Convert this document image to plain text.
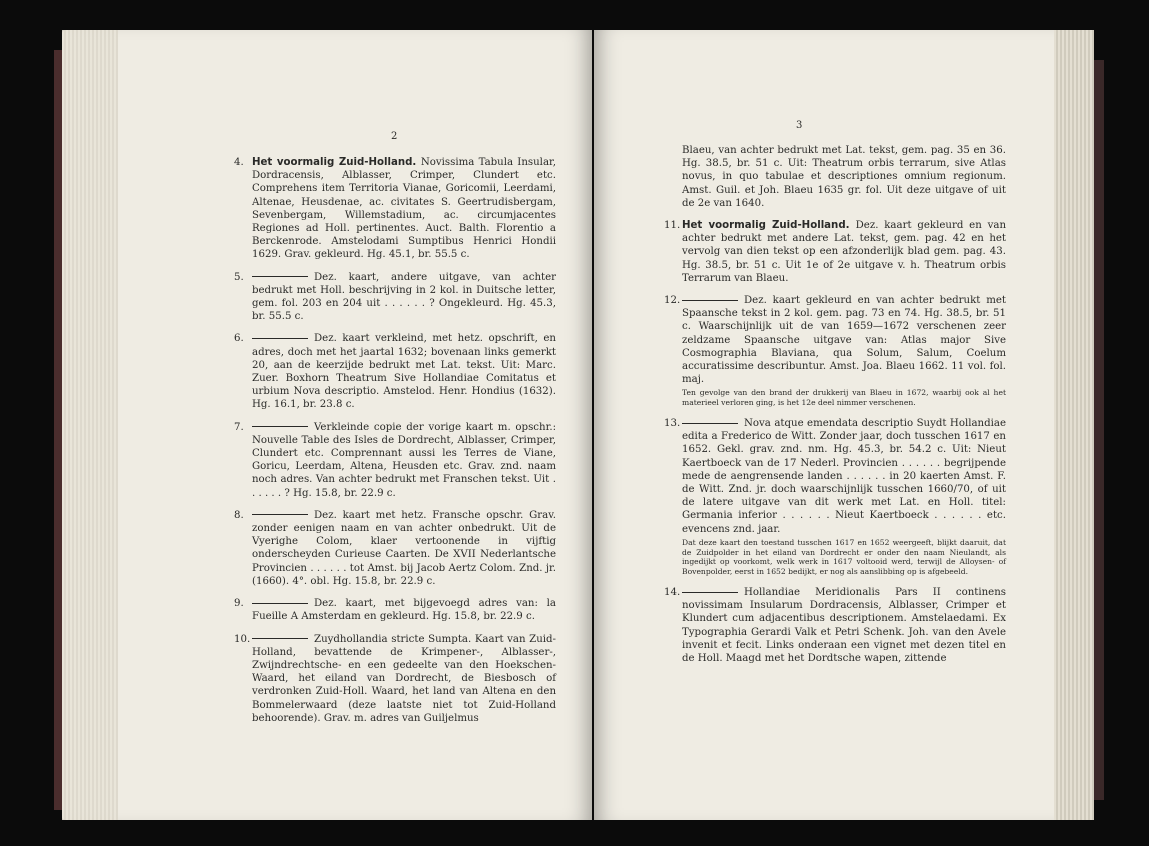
2
4. Het voormalig Zuid-Holland. Novissima Tabula Insular, Dordracensis, Alblasser, Crimper, Clundert etc. Comprehens item Territoria Vianae, Goricomii, Leerdami, Altenae, Heusdenae, ac. civitates S. Geertrudisbergam, Sevenbergam, Willemstadium, ac. circumjacentes Regiones ad Holl. pertinentes. Auct. Balth. Florentio a Berckenrode. Amstelodami Sumptibus Henrici Hondii 1629. Grav. gekleurd. Hg. 45.1, br. 55.5 c.
5.	Dez. kaart, andere uitgave, van achter bedrukt met Holl. beschrijving in 2 kol. in Duitsche letter, gem. fol. 203 en 204 uit . . . . . . ? Ongekleurd. Hg. 45.3, br. 55.5 c.
6.	Dez. kaart verkleind, met hetz. opschrift, en adres, doch met het jaartal 1632; bovenaan links gemerkt 20, aan de keerzijde bedrukt met Lat. tekst. Uit: Marc. Zuer. Boxhorn Theatrum Sive Hollandiae Comitatus et urbium Nova descriptio. Amstelod. Henr. Hondius (1632). Hg. 16.1, br. 23.8 c.
7.	Verkleinde copie der vorige kaart m. opschr.: Nouvelle Table des Isles de Dordrecht, Alblasser, Crimper, Clundert etc. Comprennant aussi les Terres de Viane, Goricu, Leerdam, Altena, Heusden etc. Grav. znd. naam noch adres. Van achter bedrukt met Franschen tekst. Uit . . . . . . ? Hg. 15.8, br. 22.9 c.
8.	Dez. kaart met hetz. Fransche opschr. Grav. zonder eenigen naam en van achter onbedrukt. Uit de Vyerighe Colom, klaer vertoonende in vijftig onderscheyden Curieuse Caarten. De XVII Nederlantsche Provincien . . . . . . tot Amst. bij Jacob Aertz Colom. Znd. jr. (1660). 4°. obl. Hg. 15.8, br. 22.9 c.
9.	Dez. kaart, met bijgevoegd adres van: la Fueille A Amsterdam en gekleurd. Hg. 15.8, br. 22.9 c.
10.	Zuydhollandia stricte Sumpta. Kaart van Zuid-Holland, bevattende de Krimpener-, Alblasser-, Zwijndrechtsche- en een gedeelte van den Hoekschen-Waard, het eiland van Dordrecht, de Biesbosch of verdronken Zuid-Holl. Waard, het land van Altena en den Bommelerwaard (deze laatste niet tot Zuid-Holland behoorende). Grav. m. adres van Guiljelmus
3
Blaeu, van achter bedrukt met Lat. tekst, gem. pag. 35 en 36. Hg. 38.5, br. 51 c. Uit: Theatrum orbis terrarum, sive Atlas novus, in quo tabulae et descriptiones omnium regionum. Amst. Guil. et Joh. Blaeu 1635 gr. fol. Uit deze uitgave of uit de 2e van 1640.
11. Het voormalig Zuid-Holland. Dez. kaart gekleurd en van achter bedrukt met andere Lat. tekst, gem. pag. 42 en het vervolg van dien tekst op een afzonderlijk blad gem. pag. 43. Hg. 38.5, br. 51 c. Uit 1e of 2e uitgave v. h. Theatrum orbis Terrarum van Blaeu.
12.	Dez. kaart gekleurd en van achter bedrukt met Spaansche tekst in 2 kol. gem. pag. 73 en 74. Hg. 38.5, br. 51 c. Waarschijnlijk uit de van 1659—1672 verschenen zeer zeldzame Spaansche uitgave van: Atlas major Sive Cosmographia Blaviana, qua Solum, Salum, Coelum accuratissime describuntur. Amst. Joa. Blaeu 1662. 11 vol. fol. maj.
Ten gevolge van den brand der drukkerij van Blaeu in 1672, waarbij ook al het materieel verloren ging, is het 12e deel nimmer verschenen.
13.	Nova atque emendata descriptio Suydt Hollandiae edita a Frederico de Witt. Zonder jaar, doch tusschen 1617 en 1652. Gekl. grav. znd. nm. Hg. 45.3, br. 54.2 c. Uit: Nieut Kaertboeck van de 17 Nederl. Provincien . . . . . . begrijpende mede de aengrensende landen . . . . . . in 20 kaerten Amst. F. de Witt. Znd. jr. doch waarschijnlijk tusschen 1660/70, of uit de latere uitgave van dit werk met Lat. en Holl. titel: Germania inferior . . . . . . Nieut Kaertboeck . . . . . . etc. evencens znd. jaar.
Dat deze kaart den toestand tusschen 1617 en 1652 weergeeft, blijkt daaruit, dat de Zuidpolder in het eiland van Dordrecht er onder den naam Nieulandt, als ingedijkt op voorkomt, welk werk in 1617 voltooid werd, terwijl de Alloysen- of Bovenpolder, eerst in 1652 bedijkt, er nog als aanslibbing op is afgebeeld.
14.	Hollandiae Meridionalis Pars II continens novissimam Insularum Dordracensis, Alblasser, Crimper et Klundert cum adjacentibus descriptionem. Amstelaedami. Ex Typographia Gerardi Valk et Petri Schenk. Joh. van den Avele invenit et fecit. Links onderaan een vignet met dezen titel en de Holl. Maagd met het Dordtsche wapen, zittende
